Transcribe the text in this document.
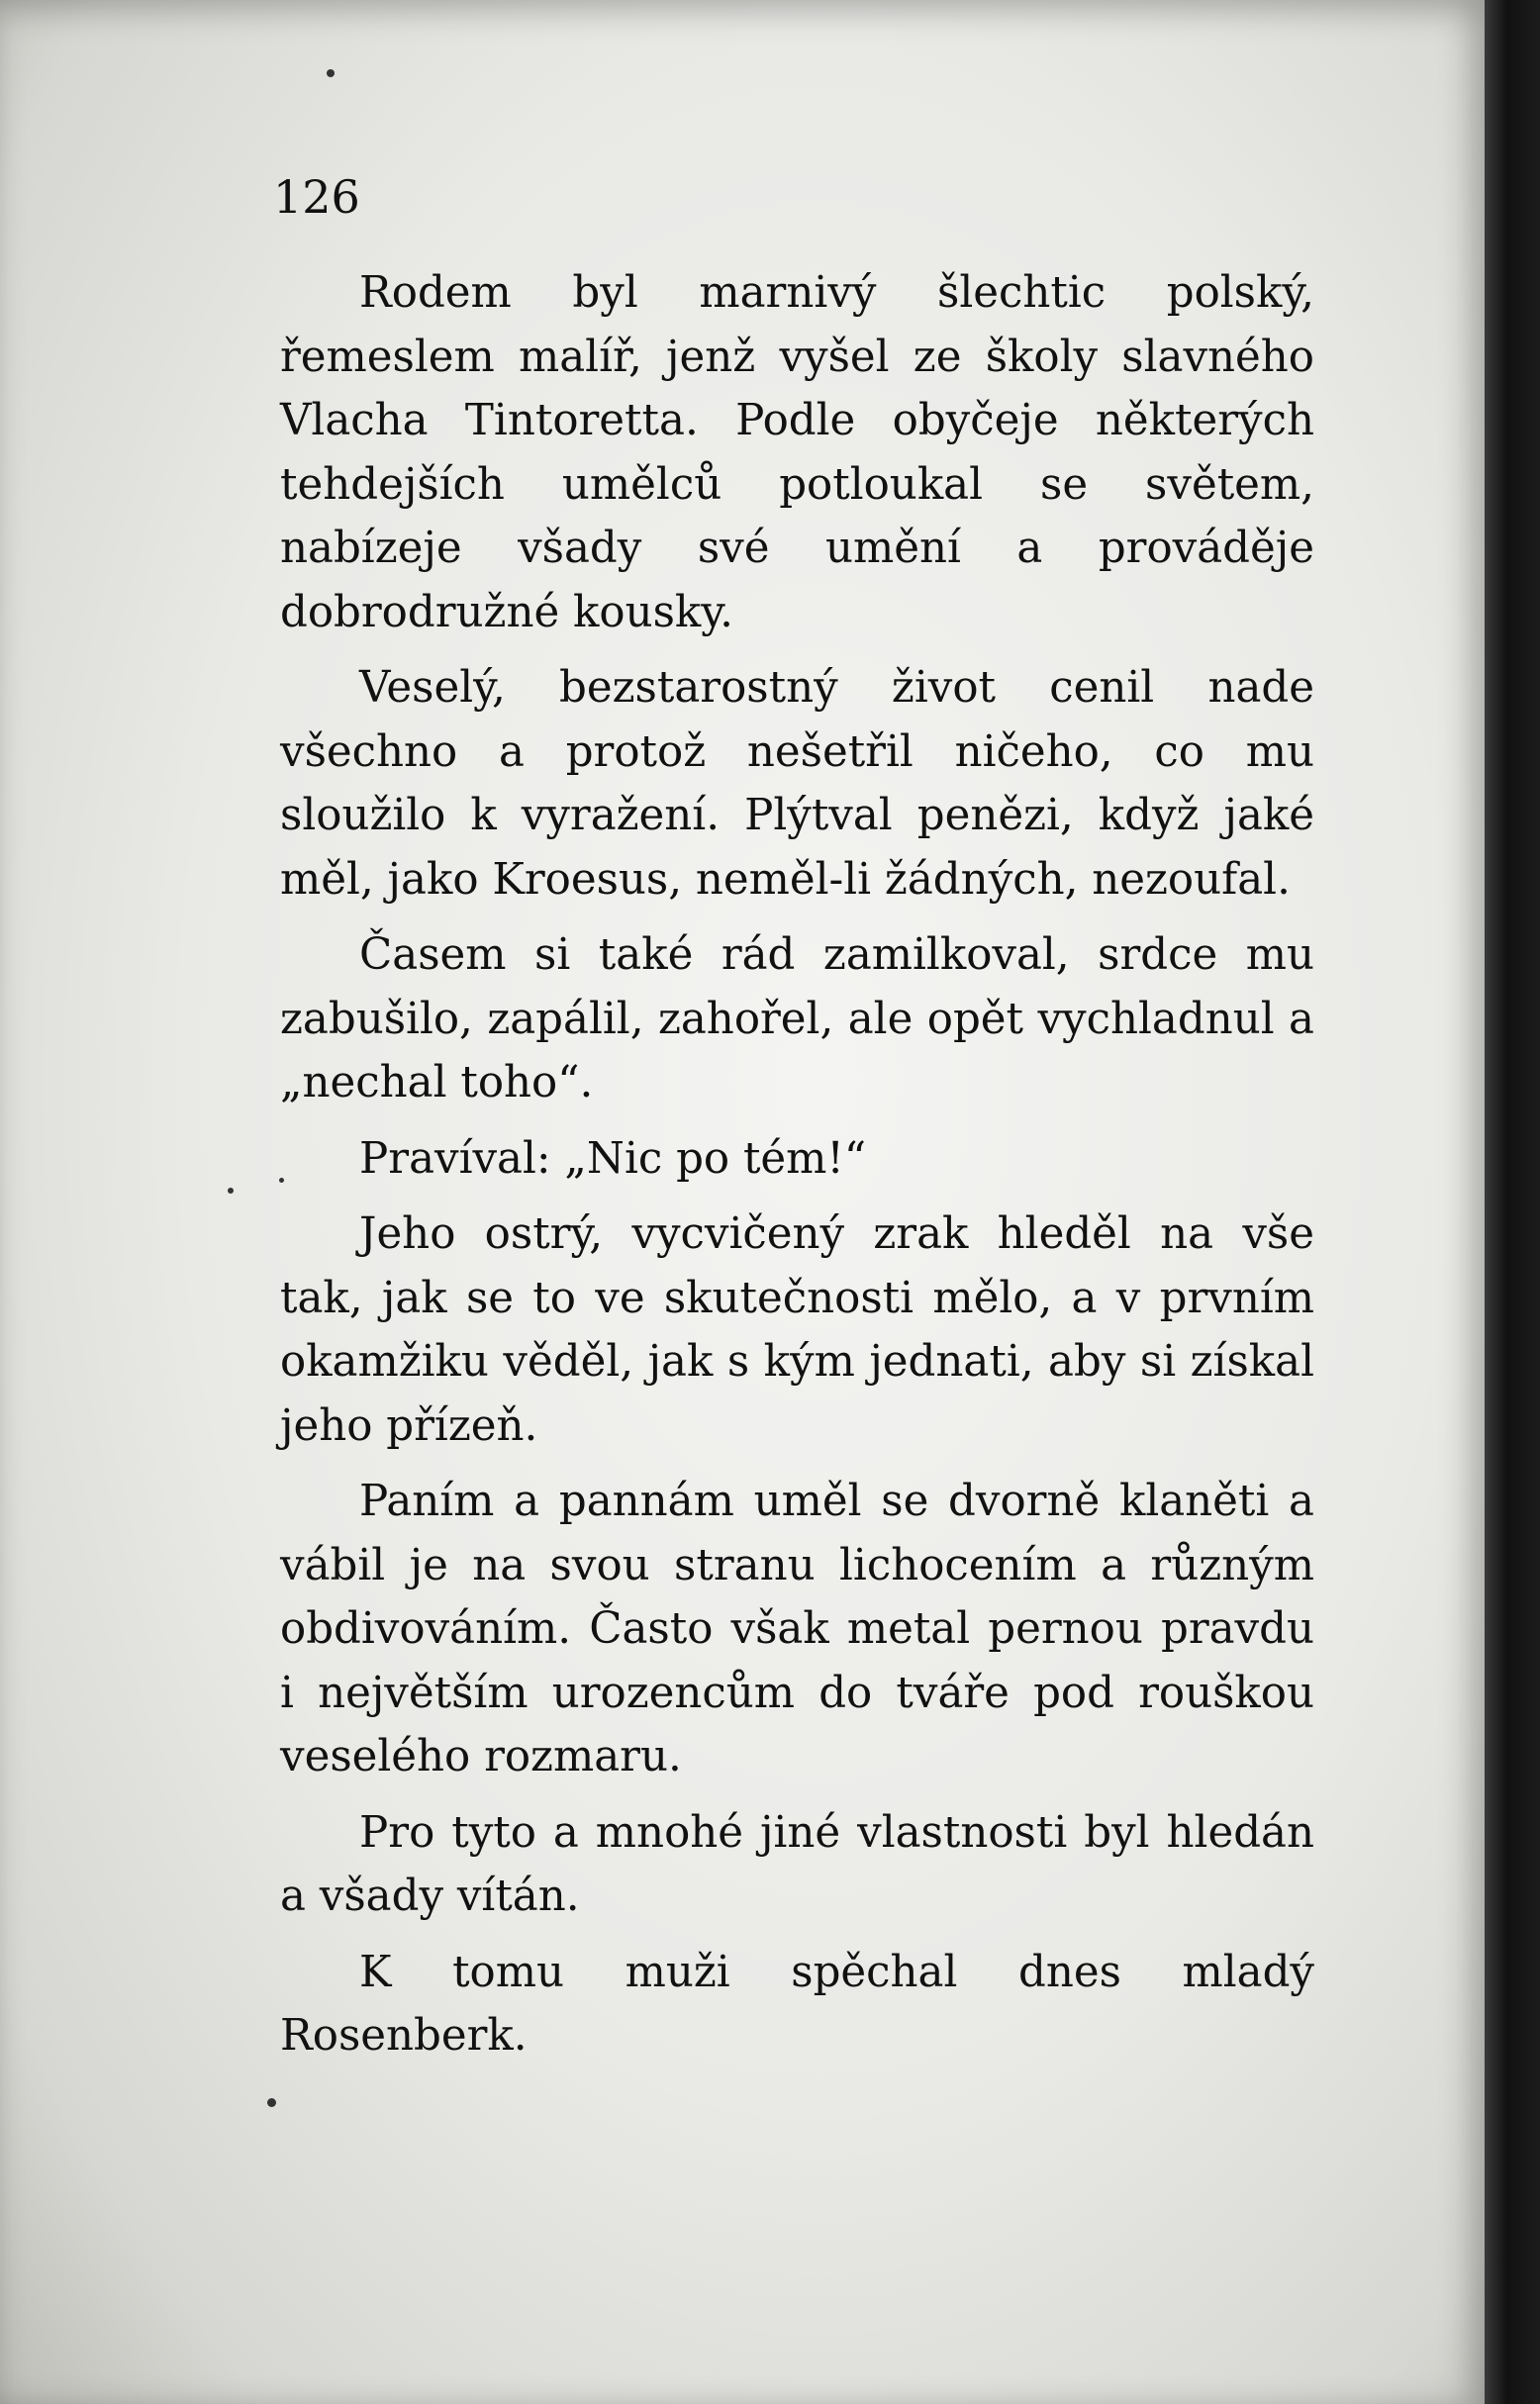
126

Rodem byl marnivý šlechtic polský, řemeslem malíř, jenž vyšel ze školy slavného Vlacha Tintoretta. Podle obyčeje některých tehdejších umělců potloukal se světem, nabízeje všady své umění a prováděje dobrodružné kousky.

Veselý, bezstarostný život cenil nade všechno a protož nešetřil ničeho, co mu sloužilo k vyražení. Plýtval penězi, když jaké měl, jako Kroesus, neměl-li žádných, nezoufal.

Časem si také rád zamilkoval, srdce mu zabušilo, zapálil, zahořel, ale opět vychladnul a „nechal toho“.

Pravíval: „Nic po tém!“

Jeho ostrý, vycvičený zrak hleděl na vše tak, jak se to ve skutečnosti mělo, a v prvním okamžiku věděl, jak s kým jednati, aby si získal jeho přízeň.

Paním a pannám uměl se dvorně klaněti a vábil je na svou stranu lichocením a různým obdivováním. Často však metal pernou pravdu i největším urozencům do tváře pod rouškou veselého rozmaru.

Pro tyto a mnohé jiné vlastnosti byl hledán a všady vítán.

K tomu muži spěchal dnes mladý Rosenberk.
